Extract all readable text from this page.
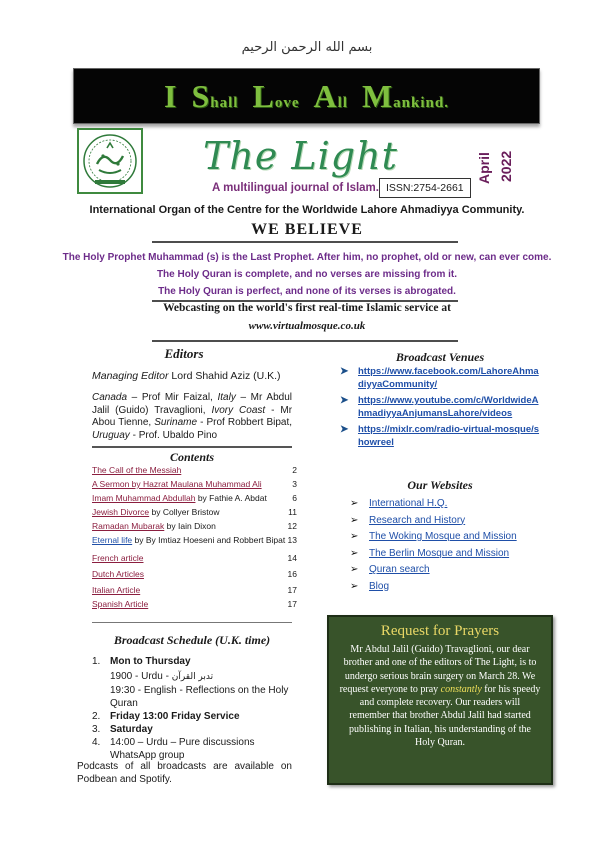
بسم الله الرحمن الرحيم
I Shall Love All Mankind.
The Light
A multilingual journal of Islam. ISSN:2754-2661
April 2022
International Organ of the Centre for the Worldwide Lahore Ahmadiyya Community.
WE BELIEVE
The Holy Prophet Muhammad (s) is the Last Prophet. After him, no prophet, old or new, can ever come.
The Holy Quran is complete, and no verses are missing from it.
The Holy Quran is perfect, and none of its verses is abrogated.
Webcasting on the world's first real-time Islamic service at
www.virtualmosque.co.uk
Editors
Managing Editor Lord Shahid Aziz (U.K.)
Canada – Prof Mir Faizal, Italy – Mr Abdul Jalil (Guido) Travaglioni, Ivory Coast - Mr Abou Tienne, Suriname - Prof Robbert Bipat, Uruguay - Prof. Ubaldo Pino
Contents
The Call of the Messiah	2
A Sermon by Hazrat Maulana Muhammad Ali	3
Imam Muhammad Abdullah by Fathie A. Abdat	6
Jewish Divorce by Collyer Bristow	11
Ramadan Mubarak by Iain Dixon	12
Eternal life by By Imtiaz Hoeseni and Robbert Bipat 13
French article	14
Dutch Articles	16
Italian Article	17
Spanish Article	17
Broadcast Schedule (U.K. time)
1. Mon to Thursday
1900 - Urdu - تدبر القرآن
19:30 - English - Reflections on the Holy Quran
2. Friday 13:00 Friday Service
3. Saturday
4. 14:00 – Urdu – Pure discussions WhatsApp group
Podcasts of all broadcasts are available on Podbean and Spotify.
Broadcast Venues
➤ https://www.facebook.com/LahoreAhmadiyyaCommunity/
➤ https://www.youtube.com/c/WorldwideAhmadiyyaAnjumansLahore/videos
➤ https://mixlr.com/radio-virtual-mosque/showreel
Our Websites
➢ International H.Q.
➢ Research and History
➢ The Woking Mosque and Mission
➢ The Berlin Mosque and Mission
➢ Quran search
➢ Blog
Request for Prayers
Mr Abdul Jalil (Guido) Travaglioni, our dear brother and one of the editors of The Light, is to undergo serious brain surgery on March 28. We request everyone to pray constantly for his speedy and complete recovery. Our readers will remember that brother Abdul Jalil had started publishing in Italian, his understanding of the Holy Quran.
